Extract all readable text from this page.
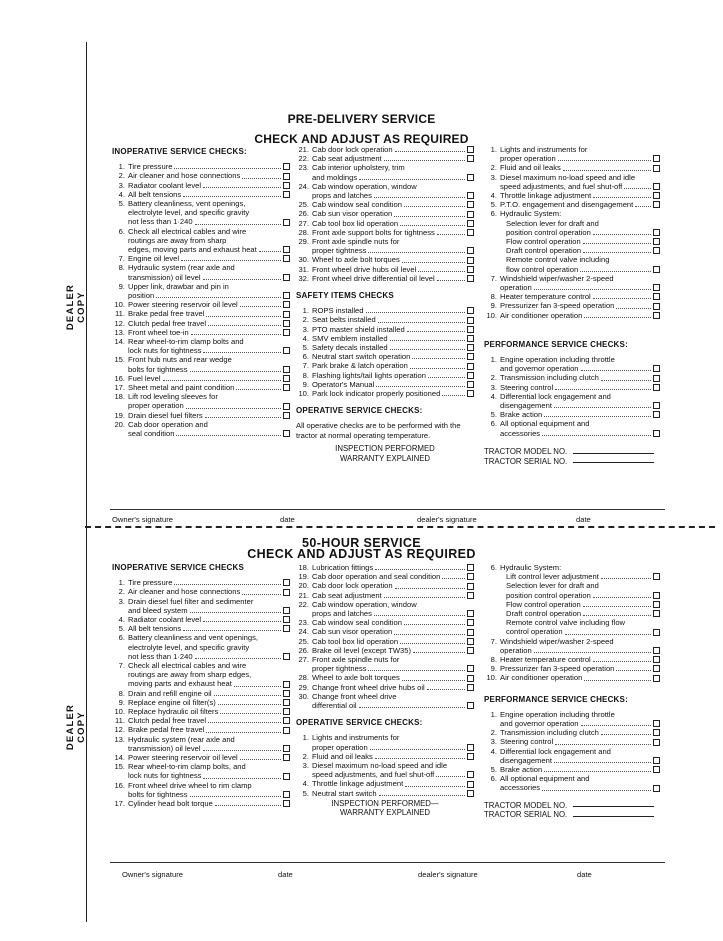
DEALER COPY
DEALER COPY
PRE-DELIVERY SERVICE
CHECK AND ADJUST AS REQUIRED
INOPERATIVE SERVICE CHECKS:
1. Tire pressure
2. Air cleaner and hose connections
3. Radiator coolant level
4. All belt tensions
5. Battery cleanliness, vent openings,
electrolyte level, and specific gravity
not less than 1·240
6. Check all electrical cables and wire
routings are away from sharp
edges, moving parts and exhaust heat
7. Engine oil level
8. Hydraulic system (rear axle and
transmission) oil level
9. Upper link, drawbar and pin in
position
10. Power steering reservoir oil level
11. Brake pedal free travel
12. Clutch pedal free travel
13. Front wheel toe-in
14. Rear wheel-to-rim clamp bolts and
lock nuts for tightness
15. Front hub nuts and rear wedge
bolts for tightness
16. Fuel level
17. Sheet metal and paint condition
18. Lift rod leveling sleeves for
proper operation
19. Drain diesel fuel filters
20. Cab door operation and
seal condition
21. Cab door lock operation
22. Cab seat adjustment
23. Cab interior upholstery, trim
and moldings
24. Cab window operation, window
props and latches
25. Cab window seal condition
26. Cab sun visor operation
27. Cab tool box lid operation
28. Front axle support bolts for tightness
29. Front axle spindle nuts for
proper tightness
30. Wheel to axle bolt torques
31. Front wheel drive hubs oil level
32. Front wheel drive differential oil level
SAFETY ITEMS CHECKS
1. ROPS installed
2. Seat belts installed
3. PTO master shield installed
4. SMV emblem installed
5. Safety decals installed
6. Neutral start switch operation
7. Park brake & latch operation
8. Flashing lights/tail lights operation
9. Operator's Manual
10. Park lock indicator properly positioned
OPERATIVE SERVICE CHECKS:
All operative checks are to be performed with the tractor at normal operating temperature.
INSPECTION PERFORMED
WARRANTY EXPLAINED
1. Lights and instruments for
proper operation
2. Fluid and oil leaks
3. Diesel maximum no-load speed and idle
speed adjustments, and fuel shut-off
4. Throttle linkage adjustment
5. P.T.O. engagement and disengagement
6. Hydraulic System:
Selection lever for draft and
position control operation
Flow control operation
Draft control operation
Remote control valve including
flow control operation
7. Windshield wiper/washer 2-speed
operation
8. Heater temperature control
9. Pressurizer fan 3-speed operation
10. Air conditioner operation
PERFORMANCE SERVICE CHECKS:
1. Engine operation including throttle
and governor operation
2. Transmission including clutch
3. Steering control
4. Differential lock engagement and
disengagement
5. Brake action
6. All optional equipment and
accessories
TRACTOR MODEL NO.
TRACTOR SERIAL NO.
Owner's signature	date	dealer's signature	date
50-HOUR SERVICE
CHECK AND ADJUST AS REQUIRED
INOPERATIVE SERVICE CHECKS
1. Tire pressure
2. Air cleaner and hose connections
3. Drain diesel fuel filter and sedimenter
and bleed system
4. Radiator coolant level
5. All belt tensions
6. Battery cleanliness and vent openings,
electrolyte level, and specific gravity
not less than 1·240
7. Check all electrical cables and wire
routings are away from sharp edges,
moving parts and exhaust heat
8. Drain and refill engine oil
9. Replace engine oil filter(s)
10. Replace hydraulic oil filters
11. Clutch pedal free travel
12. Brake pedal free travel
13. Hydraulic system (rear axle and
transmission) oil level
14. Power steering reservoir oil level
15. Rear wheel-to-rim clamp bolts, and
lock nuts for tightness
16. Front wheel drive wheel to rim clamp
bolts for tightness
17. Cylinder head bolt torque
18. Lubrication fittings
19. Cab door operation and seal condition
20. Cab door lock operation
21. Cab seat adjustment
22. Cab window operation, window
props and latches
23. Cab window seal condition
24. Cab sun visor operation
25. Cab tool box lid operation
26. Brake oil level (except TW35)
27. Front axle spindle nuts for
proper tightness
28. Wheel to axle bolt torques
29. Change front wheel drive hubs oil
30. Change front wheel drive
differential oil
OPERATIVE SERVICE CHECKS:
1. Lights and instruments for
proper operation
2. Fluid and oil leaks
3. Diesel maximum no-load speed and idle
speed adjustments, and fuel shut-off
4. Throttle linkage adjustment
5. Neutral start switch
INSPECTION PERFORMED—
WARRANTY EXPLAINED
6. Hydraulic System:
Lift control lever adjustment
Selection lever for draft and
position control operation
Flow control operation
Draft control operation
Remote control valve including flow
control operation
7. Windshield wiper/washer 2-speed
operation
8. Heater temperature control
9. Pressurizer fan 3-speed operation
10. Air conditioner operation
PERFORMANCE SERVICE CHECKS:
1. Engine operation including throttle
and governor operation
2. Transmission including clutch
3. Steering control
4. Differential lock engagement and
disengagement
5. Brake action
6. All optional equipment and
accessories
TRACTOR MODEL NO.
TRACTOR SERIAL NO.
Owner's signature	date	dealer's signature	date
